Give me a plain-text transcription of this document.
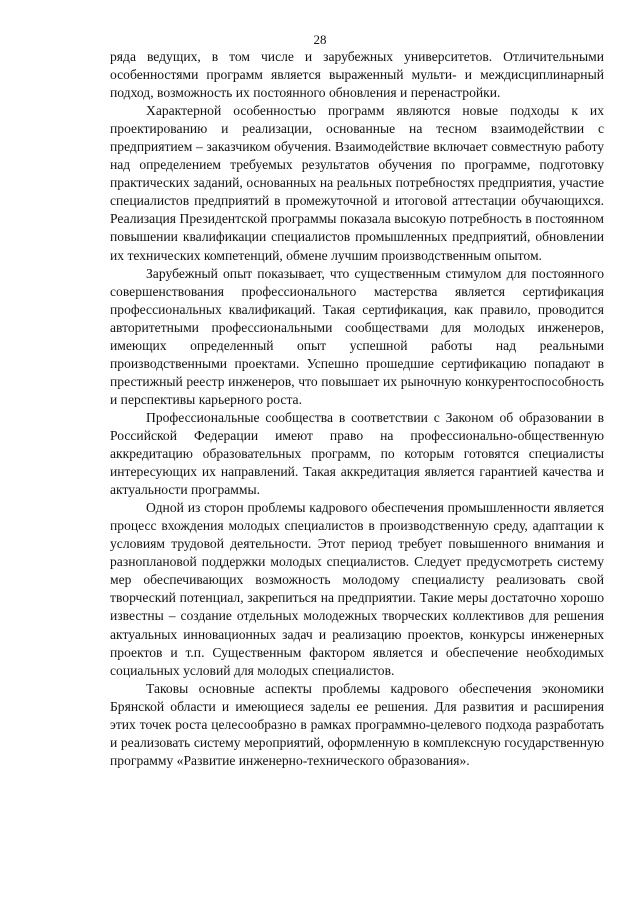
28

ряда ведущих, в том числе и зарубежных университетов. Отличительными особенностями программ является выраженный мульти- и междисциплинарный подход, возможность их постоянного обновления и перенастройки.

Характерной особенностью программ являются новые подходы к их проектированию и реализации, основанные на тесном взаимодействии с предприятием – заказчиком обучения. Взаимодействие включает совместную работу над определением требуемых результатов обучения по программе, подготовку практических заданий, основанных на реальных потребностях предприятия, участие специалистов предприятий в промежуточной и итоговой аттестации обучающихся. Реализация Президентской программы показала высокую потребность в постоянном повышении квалификации специалистов промышленных предприятий, обновлении их технических компетенций, обмене лучшим производственным опытом.

Зарубежный опыт показывает, что существенным стимулом для постоянного совершенствования профессионального мастерства является сертификация профессиональных квалификаций. Такая сертификация, как правило, проводится авторитетными профессиональными сообществами для молодых инженеров, имеющих определенный опыт успешной работы над реальными производственными проектами. Успешно прошедшие сертификацию попадают в престижный реестр инженеров, что повышает их рыночную конкурентоспособность и перспективы карьерного роста.

Профессиональные сообщества в соответствии с Законом об образовании в Российской Федерации имеют право на профессионально-общественную аккредитацию образовательных программ, по которым готовятся специалисты интересующих их направлений. Такая аккредитация является гарантией качества и актуальности программы.

Одной из сторон проблемы кадрового обеспечения промышленности является процесс вхождения молодых специалистов в производственную среду, адаптации к условиям трудовой деятельности. Этот период требует повышенного внимания и разноплановой поддержки молодых специалистов. Следует предусмотреть систему мер обеспечивающих возможность молодому специалисту реализовать свой творческий потенциал, закрепиться на предприятии. Такие меры достаточно хорошо известны – создание отдельных молодежных творческих коллективов для решения актуальных инновационных задач и реализацию проектов, конкурсы инженерных проектов и т.п. Существенным фактором является и обеспечение необходимых социальных условий для молодых специалистов.

Таковы основные аспекты проблемы кадрового обеспечения экономики Брянской области и имеющиеся заделы ее решения. Для развития и расширения этих точек роста целесообразно в рамках программно-целевого подхода разработать и реализовать систему мероприятий, оформленную в комплексную государственную программу «Развитие инженерно-технического образования».
